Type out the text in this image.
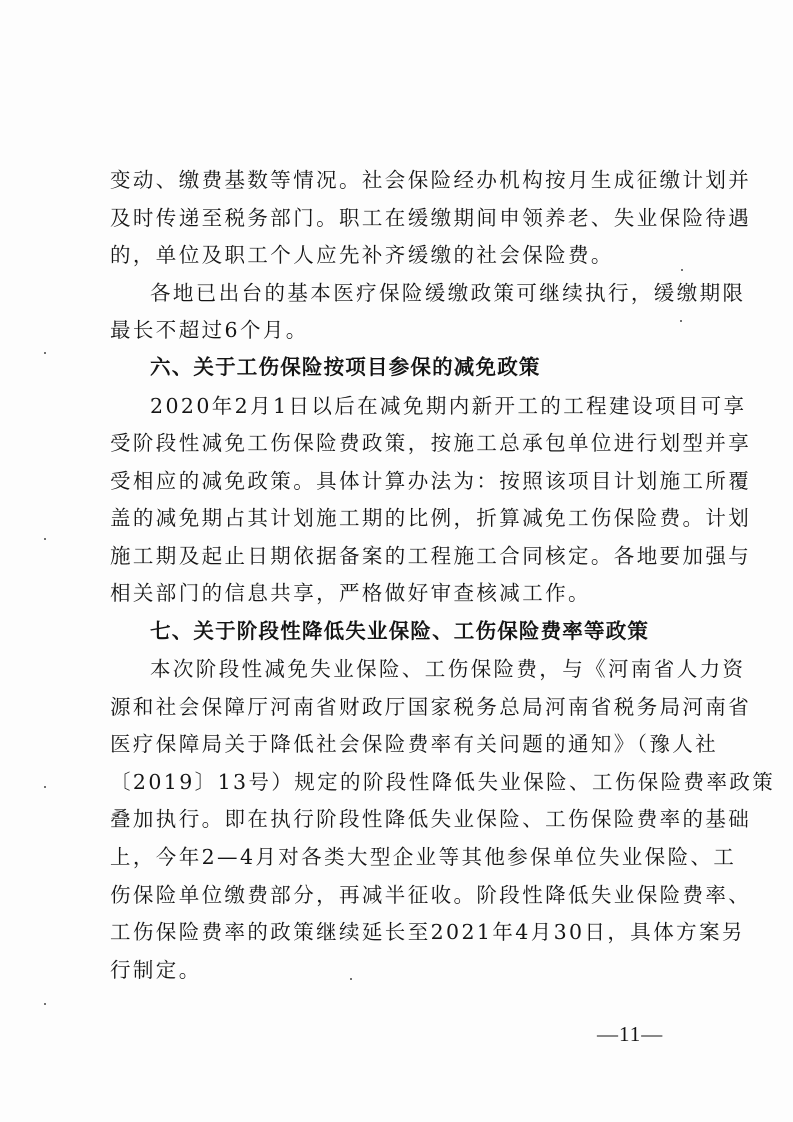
变动、缴费基数等情况。社会保险经办机构按月生成征缴计划并
及时传递至税务部门。职工在缓缴期间申领养老、失业保险待遇
的，单位及职工个人应先补齐缓缴的社会保险费。
各地已出台的基本医疗保险缓缴政策可继续执行，缓缴期限
最长不超过6个月。
六、关于工伤保险按项目参保的减免政策
2020年2月1日以后在减免期内新开工的工程建设项目可享
受阶段性减免工伤保险费政策，按施工总承包单位进行划型并享
受相应的减免政策。具体计算办法为：按照该项目计划施工所覆
盖的减免期占其计划施工期的比例，折算减免工伤保险费。计划
施工期及起止日期依据备案的工程施工合同核定。各地要加强与
相关部门的信息共享，严格做好审查核减工作。
七、关于阶段性降低失业保险、工伤保险费率等政策
本次阶段性减免失业保险、工伤保险费，与《河南省人力资
源和社会保障厅河南省财政厅国家税务总局河南省税务局河南省
医疗保障局关于降低社会保险费率有关问题的通知》（豫人社
〔2019〕13号）规定的阶段性降低失业保险、工伤保险费率政策
叠加执行。即在执行阶段性降低失业保险、工伤保险费率的基础
上，今年2—4月对各类大型企业等其他参保单位失业保险、工
伤保险单位缴费部分，再减半征收。阶段性降低失业保险费率、
工伤保险费率的政策继续延长至2021年4月30日，具体方案另
行制定。
—11—
